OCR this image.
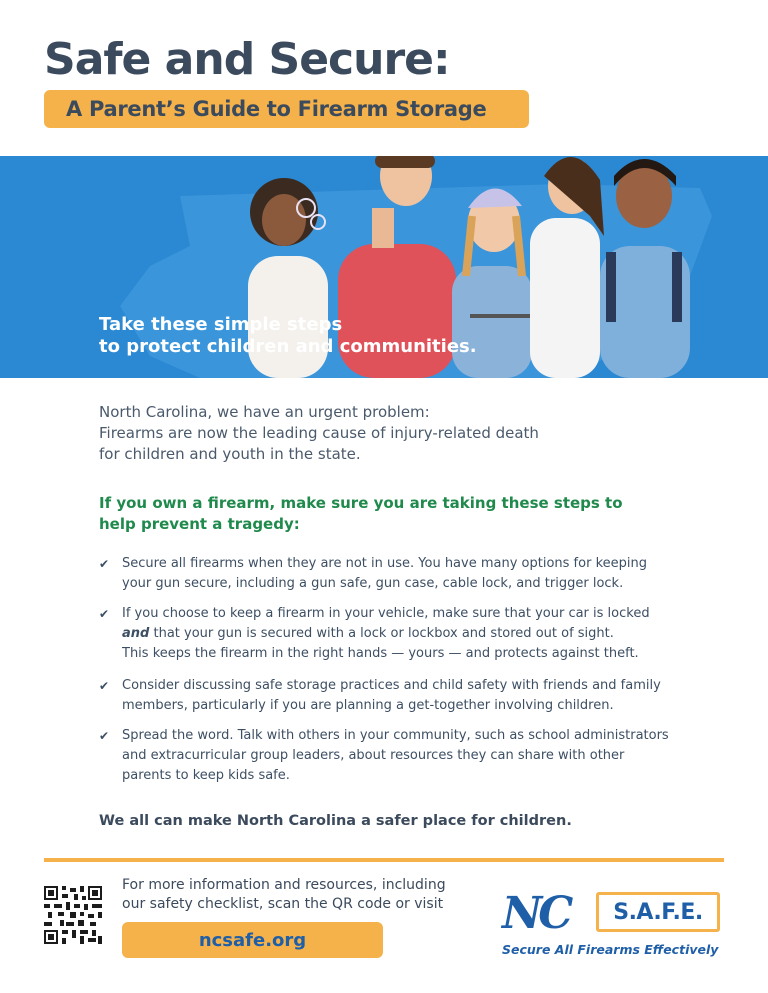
Safe and Secure:
A Parent’s Guide to Firearm Storage
Take these simple steps
to protect children and communities.
North Carolina, we have an urgent problem:
Firearms are now the leading cause of injury-related death
for children and youth in the state.
If you own a firearm, make sure you are taking these steps to
help prevent a tragedy:
✔ Secure all firearms when they are not in use. You have many options for keeping
your gun secure, including a gun safe, gun case, cable lock, and trigger lock.
✔ If you choose to keep a firearm in your vehicle, make sure that your car is locked
and that your gun is secured with a lock or lockbox and stored out of sight.
This keeps the firearm in the right hands — yours — and protects against theft.
✔ Consider discussing safe storage practices and child safety with friends and family
members, particularly if you are planning a get-together involving children.
✔ Spread the word. Talk with others in your community, such as school administrators
and extracurricular group leaders, about resources they can share with other
parents to keep kids safe.
We all can make North Carolina a safer place for children.
For more information and resources, including
our safety checklist, scan the QR code or visit
ncsafe.org
NC S.A.F.E.
Secure All Firearms Effectively
